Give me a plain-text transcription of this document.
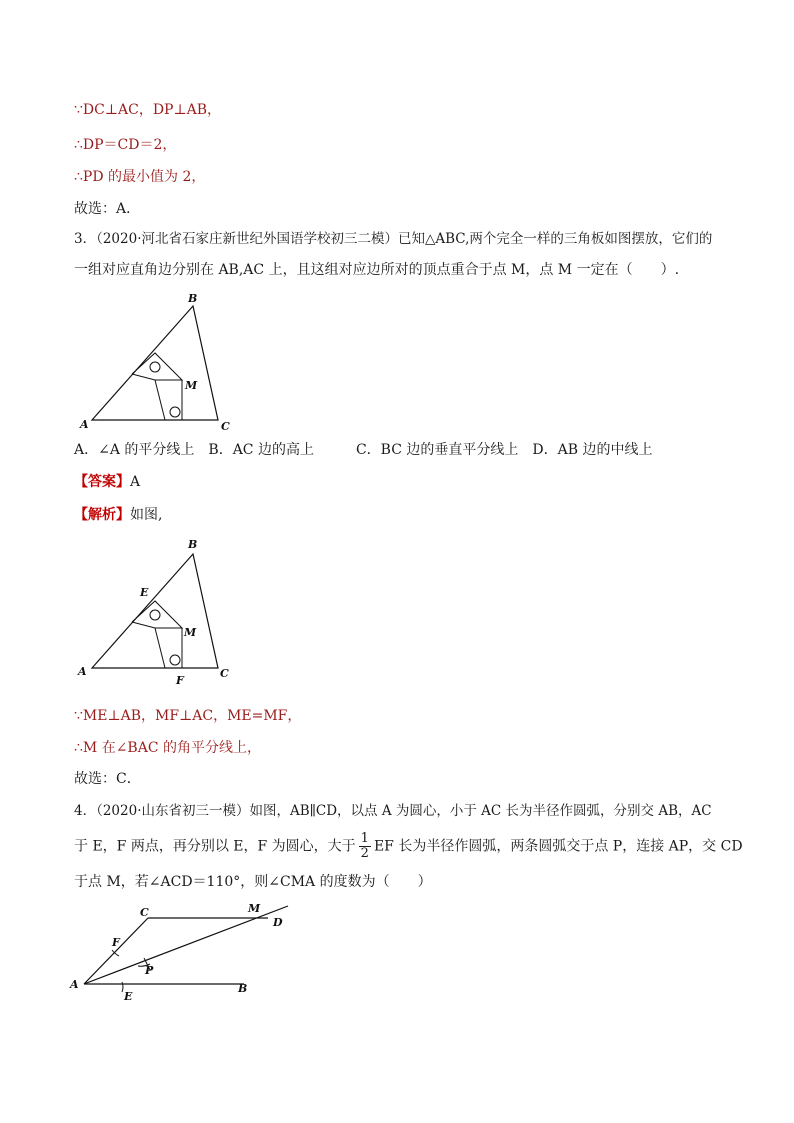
∵DC⊥AC，DP⊥AB，
∴DP＝CD＝2，
∴PD 的最小值为 2，
故选：A．
3．（2020·河北省石家庄新世纪外国语学校初三二模）已知△ABC,两个完全一样的三角板如图摆放，它们的
一组对应直角边分别在 AB,AC 上，且这组对应边所对的顶点重合于点 M，点 M 一定在（　　）.
A
B
C
M
A．∠A 的平分线上　B．AC 边的高上　　　C．BC 边的垂直平分线上　D．AB 边的中线上
【答案】A
【解析】如图,
A
B
C
M
E
F
∵ME⊥AB，MF⊥AC，ME=MF，
∴M 在∠BAC 的角平分线上，
故选：C．
4．（2020·山东省初三一模）如图，AB∥CD，以点 A 为圆心，小于 AC 长为半径作圆弧，分别交 AB，AC
于 E，F 两点，再分别以 E，F 为圆心，大于 $\frac{1}{2}$ EF 长为半径作圆弧，两条圆弧交于点 P，连接 AP，交 CD
于点 M，若∠ACD＝110°，则∠CMA 的度数为（　　）
A	B
C
D
M
E
F
P
